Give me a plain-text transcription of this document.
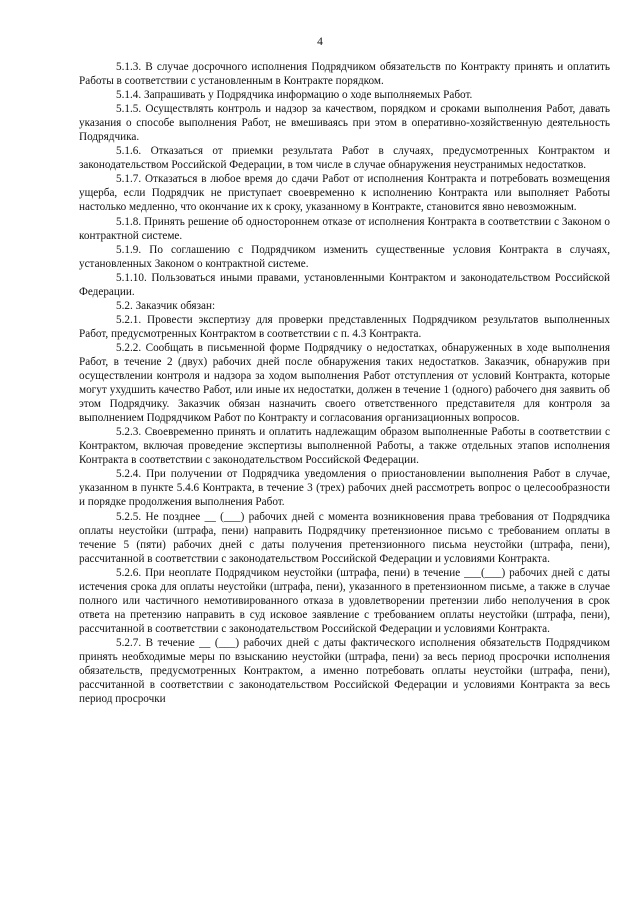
4

5.1.3. В случае досрочного исполнения Подрядчиком обязательств по Контракту принять и оплатить Работы в соответствии с установленным в Контракте порядком.

5.1.4. Запрашивать у Подрядчика информацию о ходе выполняемых Работ.

5.1.5. Осуществлять контроль и надзор за качеством, порядком и сроками выполнения Работ, давать указания о способе выполнения Работ, не вмешиваясь при этом в оперативно-хозяйственную деятельность Подрядчика.

5.1.6. Отказаться от приемки результата Работ в случаях, предусмотренных Контрактом и законодательством Российской Федерации, в том числе в случае обнаружения неустранимых недостатков.

5.1.7. Отказаться в любое время до сдачи Работ от исполнения Контракта и потребовать возмещения ущерба, если Подрядчик не приступает своевременно к исполнению Контракта или выполняет Работы настолько медленно, что окончание их к сроку, указанному в Контракте, становится явно невозможным.

5.1.8. Принять решение об одностороннем отказе от исполнения Контракта в соответствии с Законом о контрактной системе.

5.1.9. По соглашению с Подрядчиком изменить существенные условия Контракта в случаях, установленных Законом о контрактной системе.

5.1.10. Пользоваться иными правами, установленными Контрактом и законодательством Российской Федерации.

5.2. Заказчик обязан:

5.2.1. Провести экспертизу для проверки представленных Подрядчиком результатов выполненных Работ, предусмотренных Контрактом в соответствии с п. 4.3 Контракта.

5.2.2. Сообщать в письменной форме Подрядчику о недостатках, обнаруженных в ходе выполнения Работ, в течение 2 (двух) рабочих дней после обнаружения таких недостатков. Заказчик, обнаружив при осуществлении контроля и надзора за ходом выполнения Работ отступления от условий Контракта, которые могут ухудшить качество Работ, или иные их недостатки, должен в течение 1 (одного) рабочего дня заявить об этом Подрядчику. Заказчик обязан назначить своего ответственного представителя для контроля за выполнением Подрядчиком Работ по Контракту и согласования организационных вопросов.

5.2.3. Своевременно принять и оплатить надлежащим образом выполненные Работы в соответствии с Контрактом, включая проведение экспертизы выполненной Работы, а также отдельных этапов исполнения Контракта в соответствии с законодательством Российской Федерации.

5.2.4. При получении от Подрядчика уведомления о приостановлении выполнения Работ в случае, указанном в пункте 5.4.6 Контракта, в течение 3 (трех) рабочих дней рассмотреть вопрос о целесообразности и порядке продолжения выполнения Работ.

5.2.5. Не позднее __ (___) рабочих дней с момента возникновения права требования от Подрядчика оплаты неустойки (штрафа, пени) направить Подрядчику претензионное письмо с требованием оплаты в течение 5 (пяти) рабочих дней с даты получения претензионного письма неустойки (штрафа, пени), рассчитанной в соответствии с законодательством Российской Федерации и условиями Контракта.

5.2.6. При неоплате Подрядчиком неустойки (штрафа, пени) в течение ___(___) рабочих дней с даты истечения срока для оплаты неустойки (штрафа, пени), указанного в претензионном письме, а также в случае полного или частичного немотивированного отказа в удовлетворении претензии либо неполучения в срок ответа на претензию направить в суд исковое заявление с требованием оплаты неустойки (штрафа, пени), рассчитанной в соответствии с законодательством Российской Федерации и условиями Контракта.

5.2.7. В течение __ (___) рабочих дней с даты фактического исполнения обязательств Подрядчиком принять необходимые меры по взысканию неустойки (штрафа, пени) за весь период просрочки исполнения обязательств, предусмотренных Контрактом, а именно потребовать оплаты неустойки (штрафа, пени), рассчитанной в соответствии с законодательством Российской Федерации и условиями Контракта за весь период просрочки
